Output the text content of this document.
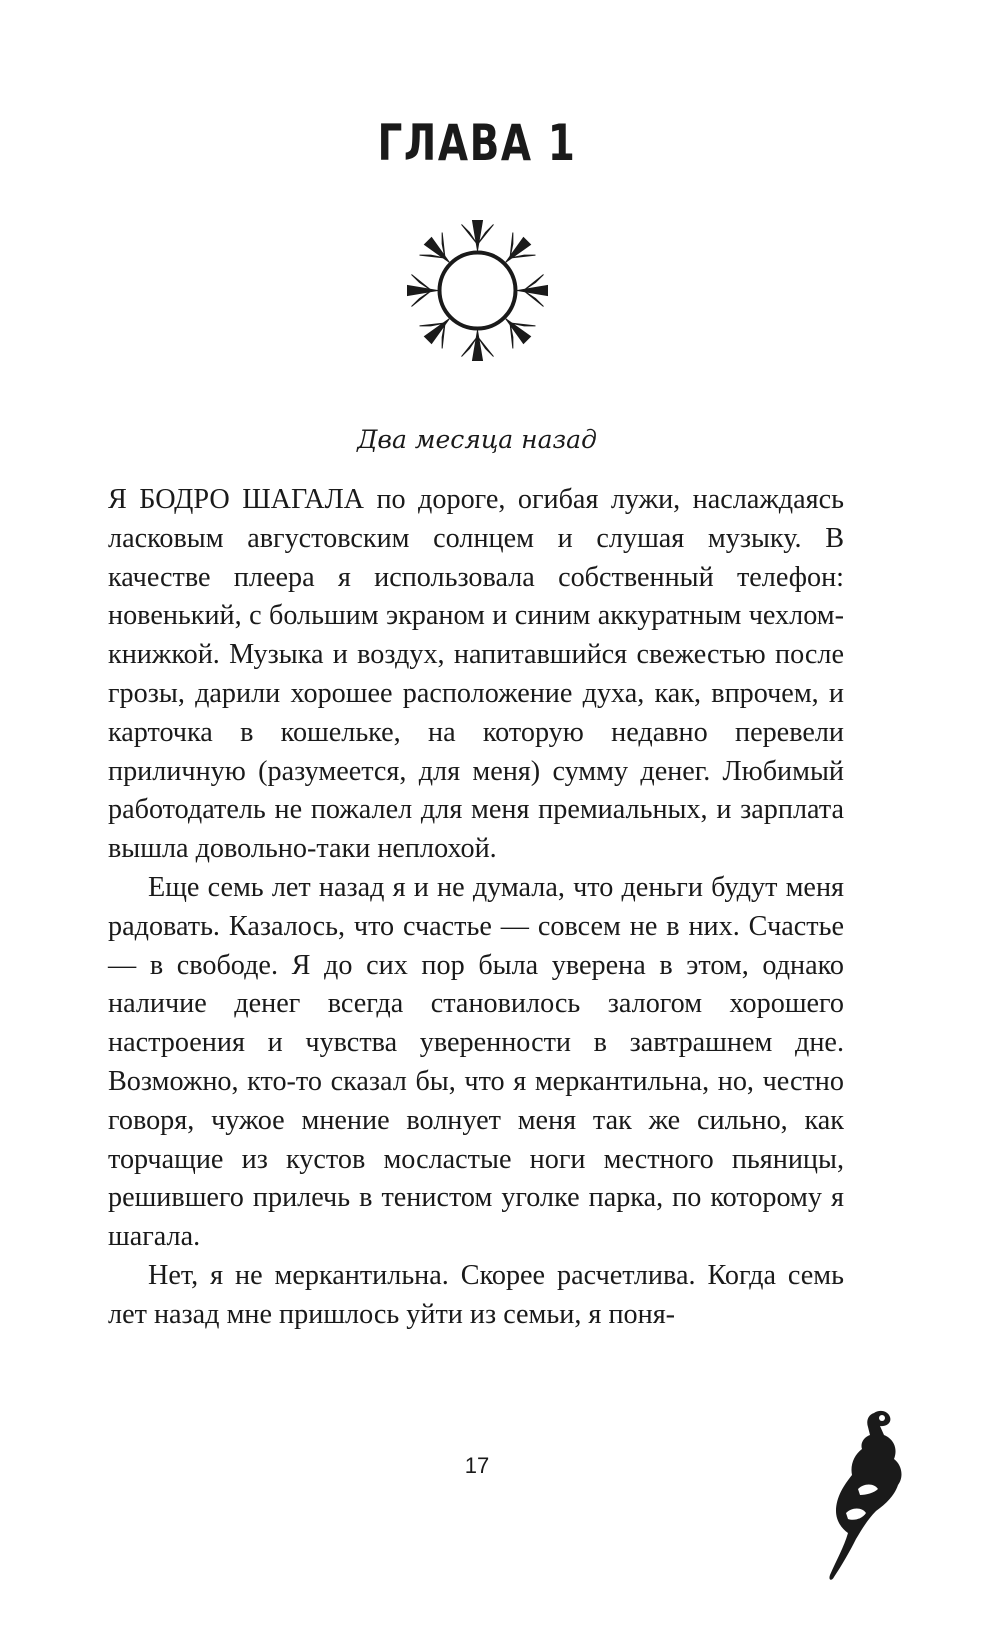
ГЛАВА 1

Два месяца назад

Я БОДРО ШАГАЛА по дороге, огибая лужи, наслаждаясь ласковым августовским солнцем и слушая музыку. В качестве плеера я использовала собственный телефон: новенький, с большим экраном и синим аккуратным чехлом-книжкой. Музыка и воздух, напитавшийся свежестью после грозы, дарили хорошее расположение духа, как, впрочем, и карточка в кошельке, на которую недавно перевели приличную (разумеется, для меня) сумму денег. Любимый работодатель не пожалел для меня премиальных, и зарплата вышла довольно-таки неплохой.

Еще семь лет назад я и не думала, что деньги будут меня радовать. Казалось, что счастье — совсем не в них. Счастье — в свободе. Я до сих пор была уверена в этом, однако наличие денег всегда становилось залогом хорошего настроения и чувства уверенности в завтрашнем дне. Возможно, кто-то сказал бы, что я меркантильна, но, честно говоря, чужое мнение волнует меня так же сильно, как торчащие из кустов мосластые ноги местного пьяницы, решившего прилечь в тенистом уголке парка, по которому я шагала.

Нет, я не меркантильна. Скорее расчетлива. Когда семь лет назад мне пришлось уйти из семьи, я поня-

17
